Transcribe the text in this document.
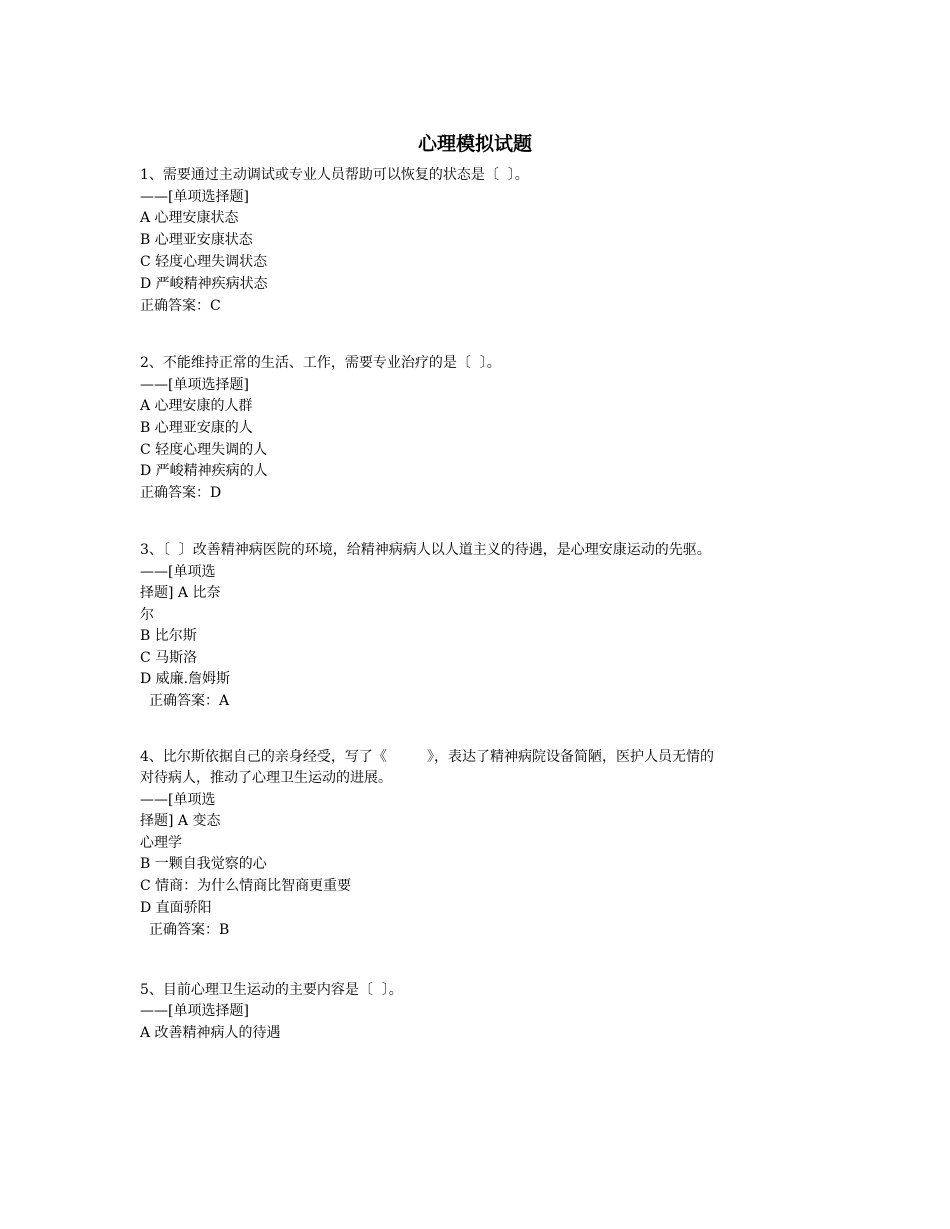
心理模拟试题
1、需要通过主动调试或专业人员帮助可以恢复的状态是〔  〕。
——[单项选择题]
A 心理安康状态
B 心理亚安康状态
C 轻度心理失调状态
D 严峻精神疾病状态
正确答案：C
2、不能维持正常的生活、工作，需要专业治疗的是〔  〕。
——[单项选择题]
A 心理安康的人群
B 心理亚安康的人
C 轻度心理失调的人
D 严峻精神疾病的人
正确答案：D
3、〔  〕改善精神病医院的环境，给精神病病人以人道主义的待遇，是心理安康运动的先驱。
——[单项选
择题] A 比奈
尔
B 比尔斯
C 马斯洛
D 威廉.詹姆斯
正确答案：A
4、比尔斯依据自己的亲身经受，写了《         》，表达了精神病院设备简陋，医护人员无情的
对待病人，推动了心理卫生运动的进展。
——[单项选
择题] A 变态
心理学
B 一颗自我觉察的心
C 情商：为什么情商比智商更重要
D 直面骄阳
正确答案：B
5、目前心理卫生运动的主要内容是〔  〕。
——[单项选择题]
A 改善精神病人的待遇
